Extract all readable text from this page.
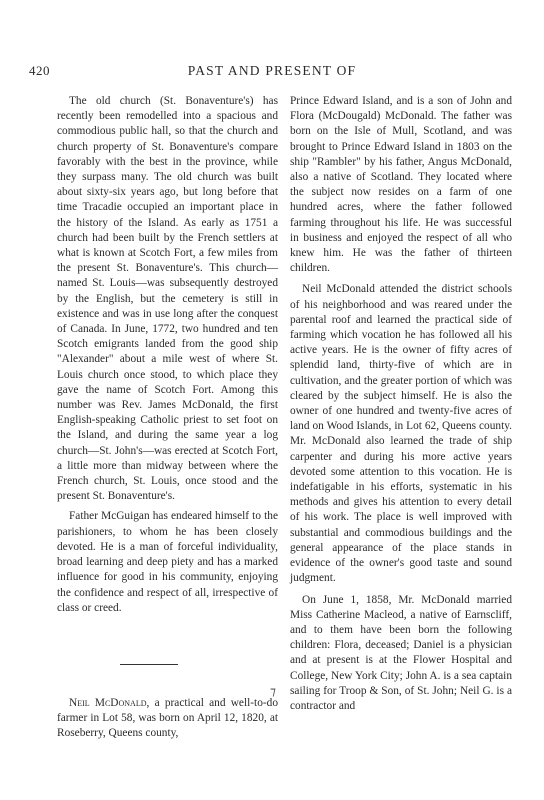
420	PAST AND PRESENT OF

The old church (St. Bonaventure's) has recently been remodelled into a spacious and commodious public hall, so that the church and church property of St. Bonaventure's compare favorably with the best in the province, while they surpass many. The old church was built about sixty-six years ago, but long before that time Tracadie occupied an important place in the history of the Island. As early as 1751 a church had been built by the French settlers at what is known at Scotch Fort, a few miles from the present St. Bonaventure's. This church—named St. Louis—was subsequently destroyed by the English, but the cemetery is still in existence and was in use long after the conquest of Canada. In June, 1772, two hundred and ten Scotch emigrants landed from the good ship "Alexander" about a mile west of where St. Louis church once stood, to which place they gave the name of Scotch Fort. Among this number was Rev. James McDonald, the first English-speaking Catholic priest to set foot on the Island, and during the same year a log church—St. John's—was erected at Scotch Fort, a little more than midway between where the French church, St. Louis, once stood and the present St. Bonaventure's.

Father McGuigan has endeared himself to the parishioners, to whom he has been closely devoted. He is a man of forceful individuality, broad learning and deep piety and has a marked influence for good in his community, enjoying the confidence and respect of all, irrespective of class or creed.

Neil McDonald, a practical and well-to-do farmer in Lot 58, was born on April 12, 1820, at Roseberry, Queens county,

⁊

Prince Edward Island, and is a son of John and Flora (McDougald) McDonald. The father was born on the Isle of Mull, Scotland, and was brought to Prince Edward Island in 1803 on the ship "Rambler" by his father, Angus McDonald, also a native of Scotland. They located where the subject now resides on a farm of one hundred acres, where the father followed farming throughout his life. He was successful in business and enjoyed the respect of all who knew him. He was the father of thirteen children.

Neil McDonald attended the district schools of his neighborhood and was reared under the parental roof and learned the practical side of farming which vocation he has followed all his active years. He is the owner of fifty acres of splendid land, thirty-five of which are in cultivation, and the greater portion of which was cleared by the subject himself. He is also the owner of one hundred and twenty-five acres of land on Wood Islands, in Lot 62, Queens county. Mr. McDonald also learned the trade of ship carpenter and during his more active years devoted some attention to this vocation. He is indefatigable in his efforts, systematic in his methods and gives his attention to every detail of his work. The place is well improved with substantial and commodious buildings and the general appearance of the place stands in evidence of the owner's good taste and sound judgment.

On June 1, 1858, Mr. McDonald married Miss Catherine Macleod, a native of Earnscliff, and to them have been born the following children: Flora, deceased; Daniel is a physician and at present is at the Flower Hospital and College, New York City; John A. is a sea captain sailing for Troop & Son, of St. John; Neil G. is a contractor and
